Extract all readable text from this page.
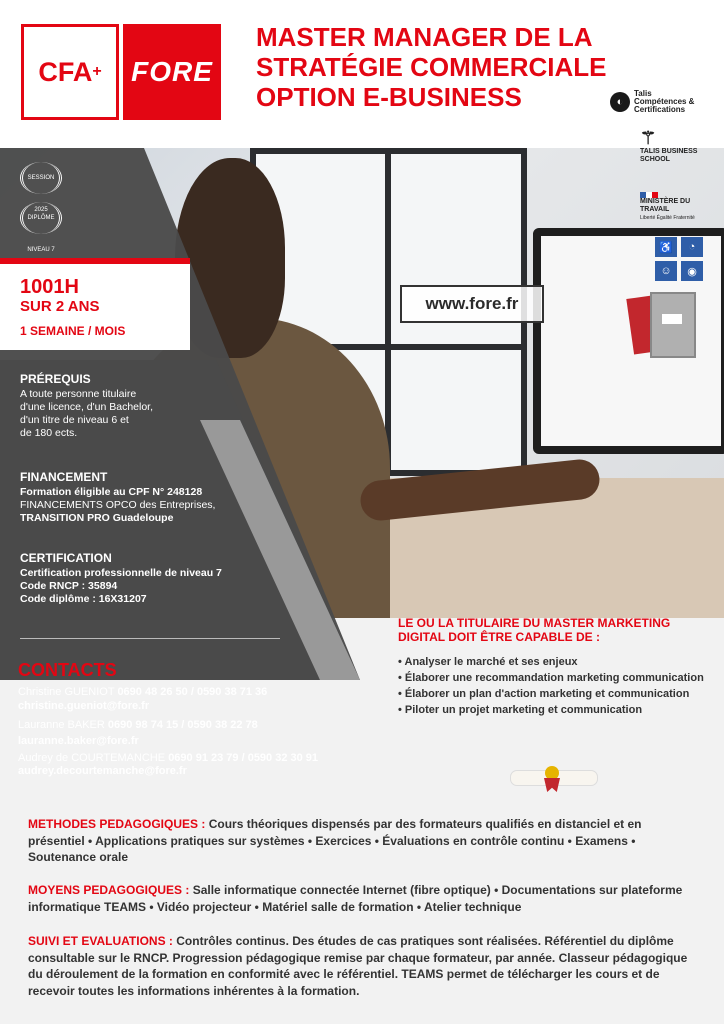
CFA + FORE
MASTER MANAGER DE LA
STRATÉGIE COMMERCIALE
OPTION E-BUSINESS	◐
Talis Compétences & Certifications
SESSION 2025
DIPLÔME NIVEAU 7
1001H
SUR 2 ANS
1 SEMAINE / MOIS
www.fore.fr
⚚
TALIS BUSINESS SCHOOL
MINISTÈRE DU TRAVAIL
Liberté Égalité Fraternité
♿	◔
☺	◉
PRÉREQUIS
A toute personne titulaire
d'une licence, d'un Bachelor,
d'un titre de niveau 6 et
de 180 ects.
FINANCEMENT
Formation éligible au CPF N° 248128
FINANCEMENTS OPCO des Entreprises,
TRANSITION PRO Guadeloupe
CERTIFICATION
Certification professionnelle de niveau 7
Code RNCP : 35894
Code diplôme : 16X31207
CONTACTS
Christine GUENIOT 0690 48 26 50 / 0590 38 71 36
christine.gueniot@fore.fr
Lauranne BAKER 0690 98 74 15 / 0590 38 22 78
lauranne.baker@fore.fr
Audrey de COURTEMANCHE 0690 91 23 79 / 0590 32 30 91
audrey.decourtemanche@fore.fr
LE OU LA TITULAIRE DU MASTER MARKETING DIGITAL DOIT ÊTRE CAPABLE DE :
• Analyser le marché et ses enjeux
• Élaborer une recommandation marketing communication
• Élaborer un plan d'action marketing et communication
• Piloter un projet marketing et communication
METHODES PEDAGOGIQUES : Cours théoriques dispensés par des formateurs qualifiés en distanciel et en présentiel • Applications pratiques sur systèmes • Exercices • Évaluations en contrôle continu • Examens • Soutenance orale
MOYENS PEDAGOGIQUES : Salle informatique connectée Internet (fibre optique) • Documentations sur plateforme informatique TEAMS • Vidéo projecteur • Matériel salle de formation • Atelier technique
SUIVI ET EVALUATIONS : Contrôles continus. Des études de cas pratiques sont réalisées. Référentiel du diplôme consultable sur le RNCP. Progression pédagogique remise par chaque formateur, par année. Classeur pédagogique du déroulement de la formation en conformité avec le référentiel. TEAMS permet de télécharger les cours et de recevoir toutes les informations inhérentes à la formation.
